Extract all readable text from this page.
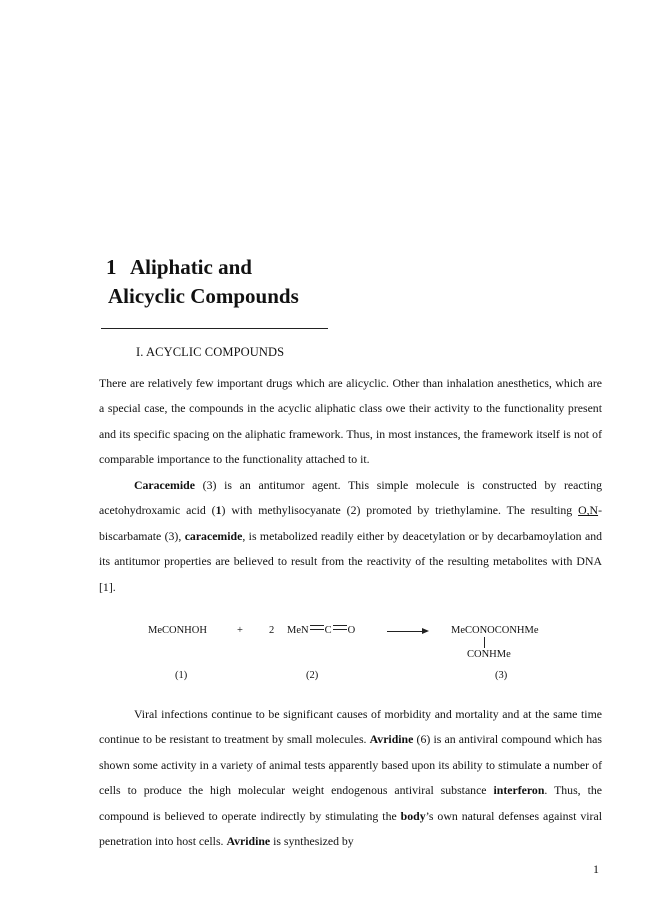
1 Aliphatic and
Alicyclic Compounds
I. ACYCLIC COMPOUNDS

There are relatively few important drugs which are alicyclic. Other than inhalation anesthetics, which are a special case, the compounds in the acyclic aliphatic class owe their activity to the functionality present and its specific spacing on the aliphatic framework. Thus, in most instances, the framework itself is not of comparable importance to the functionality attached to it.

Caracemide (3) is an antitumor agent. This simple molecule is constructed by reacting acetohydroxamic acid (1) with methylisocyanate (2) promoted by triethylamine. The resulting O,N-biscarbamate (3), caracemide, is metabolized readily either by deacetylation or by decarbamoylation and its antitumor properties are believed to result from the reactivity of the resulting metabolites with DNA [1].

MeCONHOH	+ 2 MeN C O → MeCONOCONHMe
CONHMe
(1)	(2)	(3)

Viral infections continue to be significant causes of morbidity and mortality and at the same time continue to be resistant to treatment by small molecules. Avridine (6) is an antiviral compound which has shown some activity in a variety of animal tests apparently based upon its ability to stimulate a number of cells to produce the high molecular weight endogenous antiviral substance interferon. Thus, the compound is believed to operate indirectly by stimulating the body’s own natural defenses against viral penetration into host cells. Avridine is synthesized by

1
